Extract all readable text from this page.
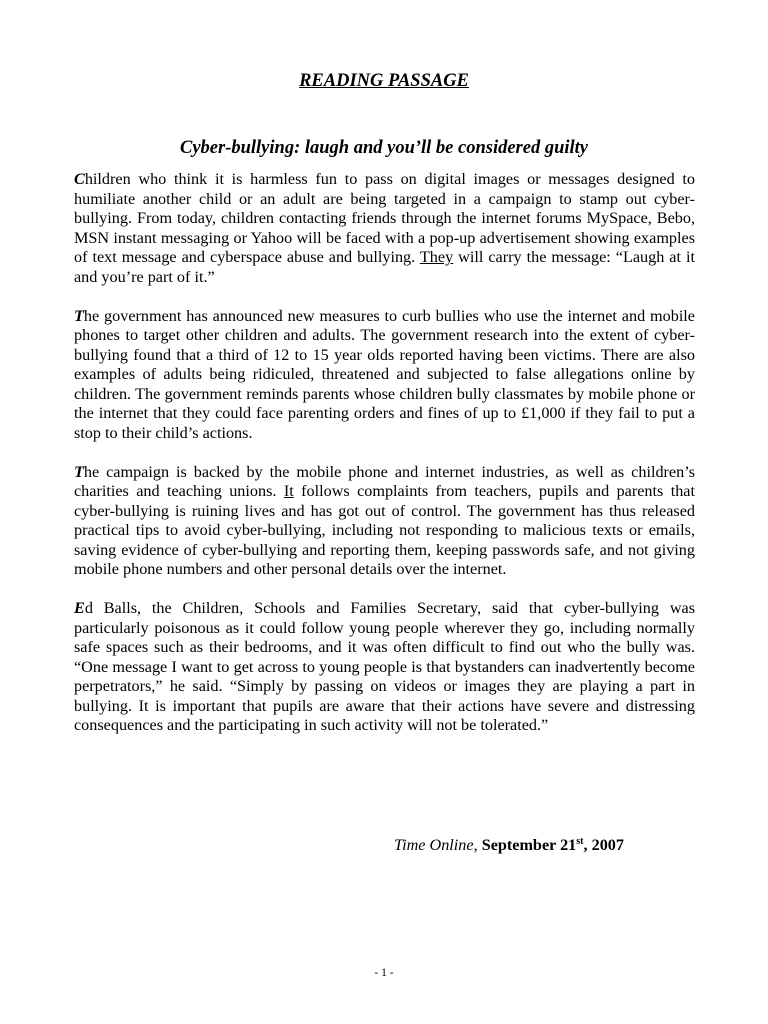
READING PASSAGE
Cyber-bullying: laugh and you’ll be considered guilty

Children who think it is harmless fun to pass on digital images or messages designed to humiliate another child or an adult are being targeted in a campaign to stamp out cyber-bullying. From today, children contacting friends through the internet forums MySpace, Bebo, MSN instant messaging or Yahoo will be faced with a pop-up advertisement showing examples of text message and cyberspace abuse and bullying. They will carry the message: “Laugh at it and you’re part of it.”

The government has announced new measures to curb bullies who use the internet and mobile phones to target other children and adults. The government research into the extent of cyber-bullying found that a third of 12 to 15 year olds reported having been victims. There are also examples of adults being ridiculed, threatened and subjected to false allegations online by children. The government reminds parents whose children bully classmates by mobile phone or the internet that they could face parenting orders and fines of up to £1,000 if they fail to put a stop to their child’s actions.

The campaign is backed by the mobile phone and internet industries, as well as children’s charities and teaching unions. It follows complaints from teachers, pupils and parents that cyber-bullying is ruining lives and has got out of control. The government has thus released practical tips to avoid cyber-bullying, including not responding to malicious texts or emails, saving evidence of cyber-bullying and reporting them, keeping passwords safe, and not giving mobile phone numbers and other personal details over the internet.

Ed Balls, the Children, Schools and Families Secretary, said that cyber-bullying was particularly poisonous as it could follow young people wherever they go, including normally safe spaces such as their bedrooms, and it was often difficult to find out who the bully was. “One message I want to get across to young people is that bystanders can inadvertently become perpetrators,” he said. “Simply by passing on videos or images they are playing a part in bullying. It is important that pupils are aware that their actions have severe and distressing consequences and the participating in such activity will not be tolerated.”

Time Online, September 21st, 2007
- 1 -
